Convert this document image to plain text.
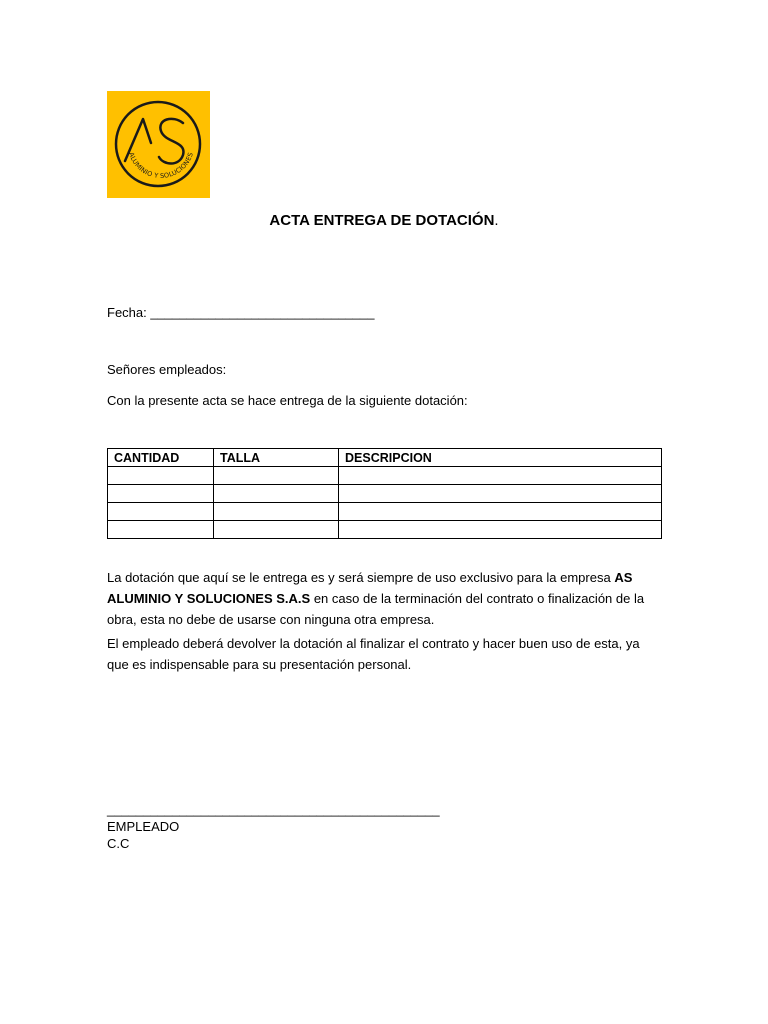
ALUMINIO Y SOLUCIONES
ACTA ENTREGA DE DOTACIÓN.
Fecha: _______________________________
Señores empleados:
Con la presente acta se hace entrega de la siguiente dotación:
CANTIDAD	TALLA	DESCRIPCION

La dotación que aquí se le entrega es y será siempre de uso exclusivo para la empresa AS ALUMINIO Y SOLUCIONES S.A.S en caso de la terminación del contrato o finalización de la obra, esta no debe de usarse con ninguna otra empresa.
El empleado deberá devolver la dotación al finalizar el contrato y hacer buen uso de esta, ya que es indispensable para su presentación personal.
______________________________________________
EMPLEADO
C.C
